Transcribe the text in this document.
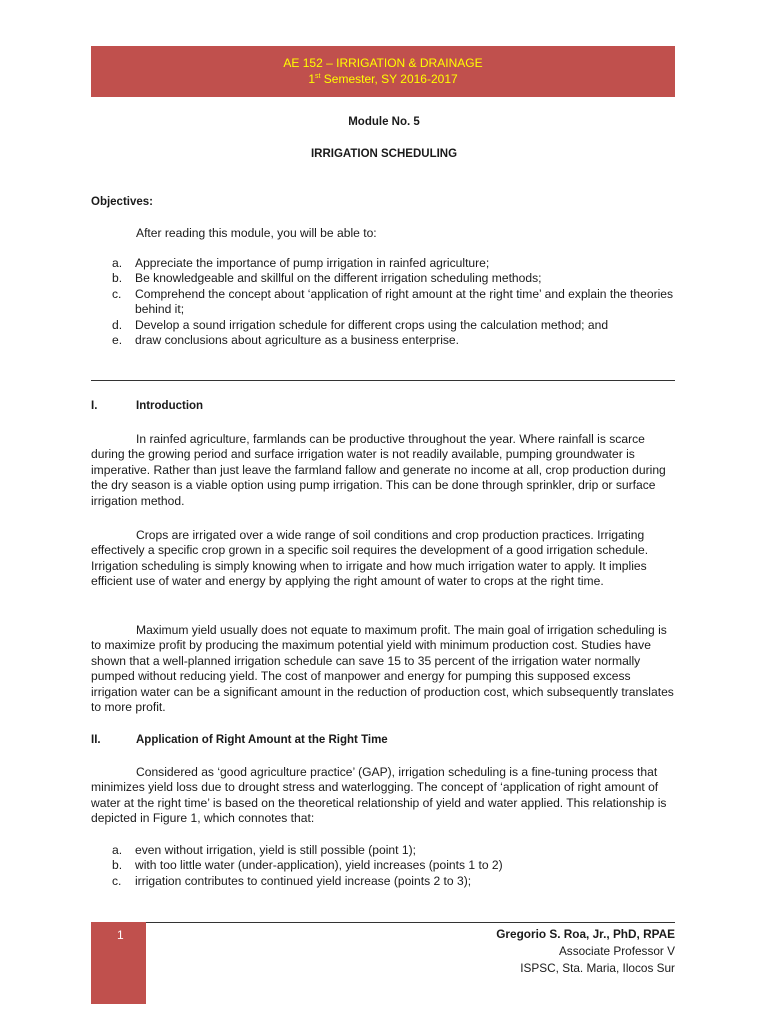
AE 152 – IRRIGATION & DRAINAGE
1st Semester, SY 2016-2017
Module No. 5
IRRIGATION SCHEDULING
Objectives:

After reading this module, you will be able to:

a. Appreciate the importance of pump irrigation in rainfed agriculture;
b. Be knowledgeable and skillful on the different irrigation scheduling methods;
c. Comprehend the concept about ‘application of right amount at the right time’ and explain the theories behind it;
d. Develop a sound irrigation schedule for different crops using the calculation method; and
e. draw conclusions about agriculture as a business enterprise.
I.	Introduction

In rainfed agriculture, farmlands can be productive throughout the year. Where rainfall is scarce during the growing period and surface irrigation water is not readily available, pumping groundwater is imperative. Rather than just leave the farmland fallow and generate no income at all, crop production during the dry season is a viable option using pump irrigation. This can be done through sprinkler, drip or surface irrigation method.

Crops are irrigated over a wide range of soil conditions and crop production practices. Irrigating effectively a specific crop grown in a specific soil requires the development of a good irrigation schedule. Irrigation scheduling is simply knowing when to irrigate and how much irrigation water to apply. It implies efficient use of water and energy by applying the right amount of water to crops at the right time.

Maximum yield usually does not equate to maximum profit. The main goal of irrigation scheduling is to maximize profit by producing the maximum potential yield with minimum production cost. Studies have shown that a well-planned irrigation schedule can save 15 to 35 percent of the irrigation water normally pumped without reducing yield. The cost of manpower and energy for pumping this supposed excess irrigation water can be a significant amount in the reduction of production cost, which subsequently translates to more profit.

II.	Application of Right Amount at the Right Time

Considered as ‘good agriculture practice’ (GAP), irrigation scheduling is a fine-tuning process that minimizes yield loss due to drought stress and waterlogging. The concept of ‘application of right amount of water at the right time’ is based on the theoretical relationship of yield and water applied. This relationship is depicted in Figure 1, which connotes that:

a. even without irrigation, yield is still possible (point 1);
b. with too little water (under-application), yield increases (points 1 to 2)
c. irrigation contributes to continued yield increase (points 2 to 3);
1	Gregorio S. Roa, Jr., PhD, RPAE
Associate Professor V
ISPSC, Sta. Maria, Ilocos Sur
